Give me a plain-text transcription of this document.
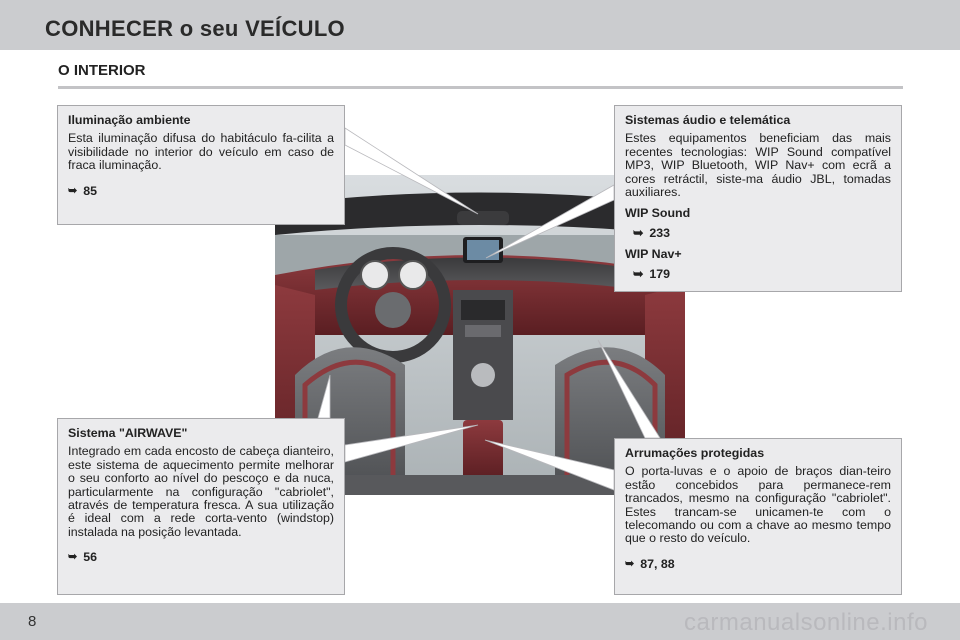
CONHECER o seu VEÍCULO
O INTERIOR
Iluminação ambiente

Esta iluminação difusa do habitáculo fa-cilita a visibilidade no interior do veículo em caso de fraca iluminação.

➥ 85
Sistemas áudio e telemática

Estes equipamentos beneficiam das mais recentes tecnologias: WIP Sound compatível MP3, WIP Bluetooth, WIP Nav+ com ecrã a cores retráctil, siste-ma áudio JBL, tomadas auxiliares.

WIP Sound
➥ 233
WIP Nav+
➥ 179
Sistema "AIRWAVE"

Integrado em cada encosto de cabeça dianteiro, este sistema de aquecimento permite melhorar o seu conforto ao nível do pescoço e da nuca, particularmente na configuração "cabriolet", através de temperatura fresca. A sua utilização é ideal com a rede corta-vento (windstop) instalada na posição levantada.

➥ 56
Arrumações protegidas

O porta-luvas e o apoio de braços dian-teiro estão concebidos para permanece-rem trancados, mesmo na configuração "cabriolet". Estes trancam-se unicamen-te com o telecomando ou com a chave ao mesmo tempo que o resto do veículo.

➥ 87, 88
8	carmanualsonline.info
